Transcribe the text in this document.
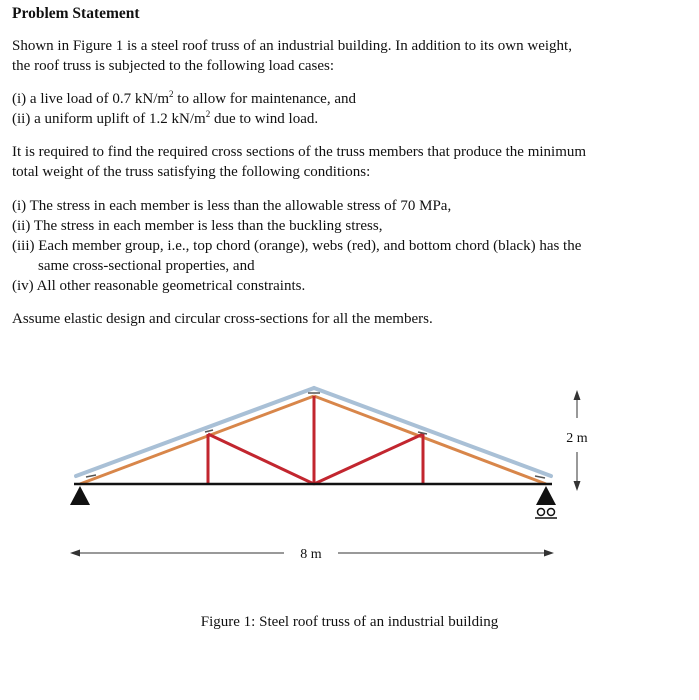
Problem Statement
Shown in Figure 1 is a steel roof truss of an industrial building. In addition to its own weight,
the roof truss is subjected to the following load cases:
(i) a live load of 0.7 $kN/m^2$ to allow for maintenance, and
(ii) a uniform uplift of 1.2 $kN/m^2$ due to wind load.
It is required to find the required cross sections of the truss members that produce the minimum
total weight of the truss satisfying the following conditions:
(i) The stress in each member is less than the allowable stress of 70 MPa,
(ii) The stress in each member is less than the buckling stress,
(iii) Each member group, i.e., top chord (orange), webs (red), and bottom chord (black) has the
same cross-sectional properties, and
(iv) All other reasonable geometrical constraints.
Assume elastic design and circular cross-sections for all the members.
8 m
2 m
Figure 1: Steel roof truss of an industrial building
